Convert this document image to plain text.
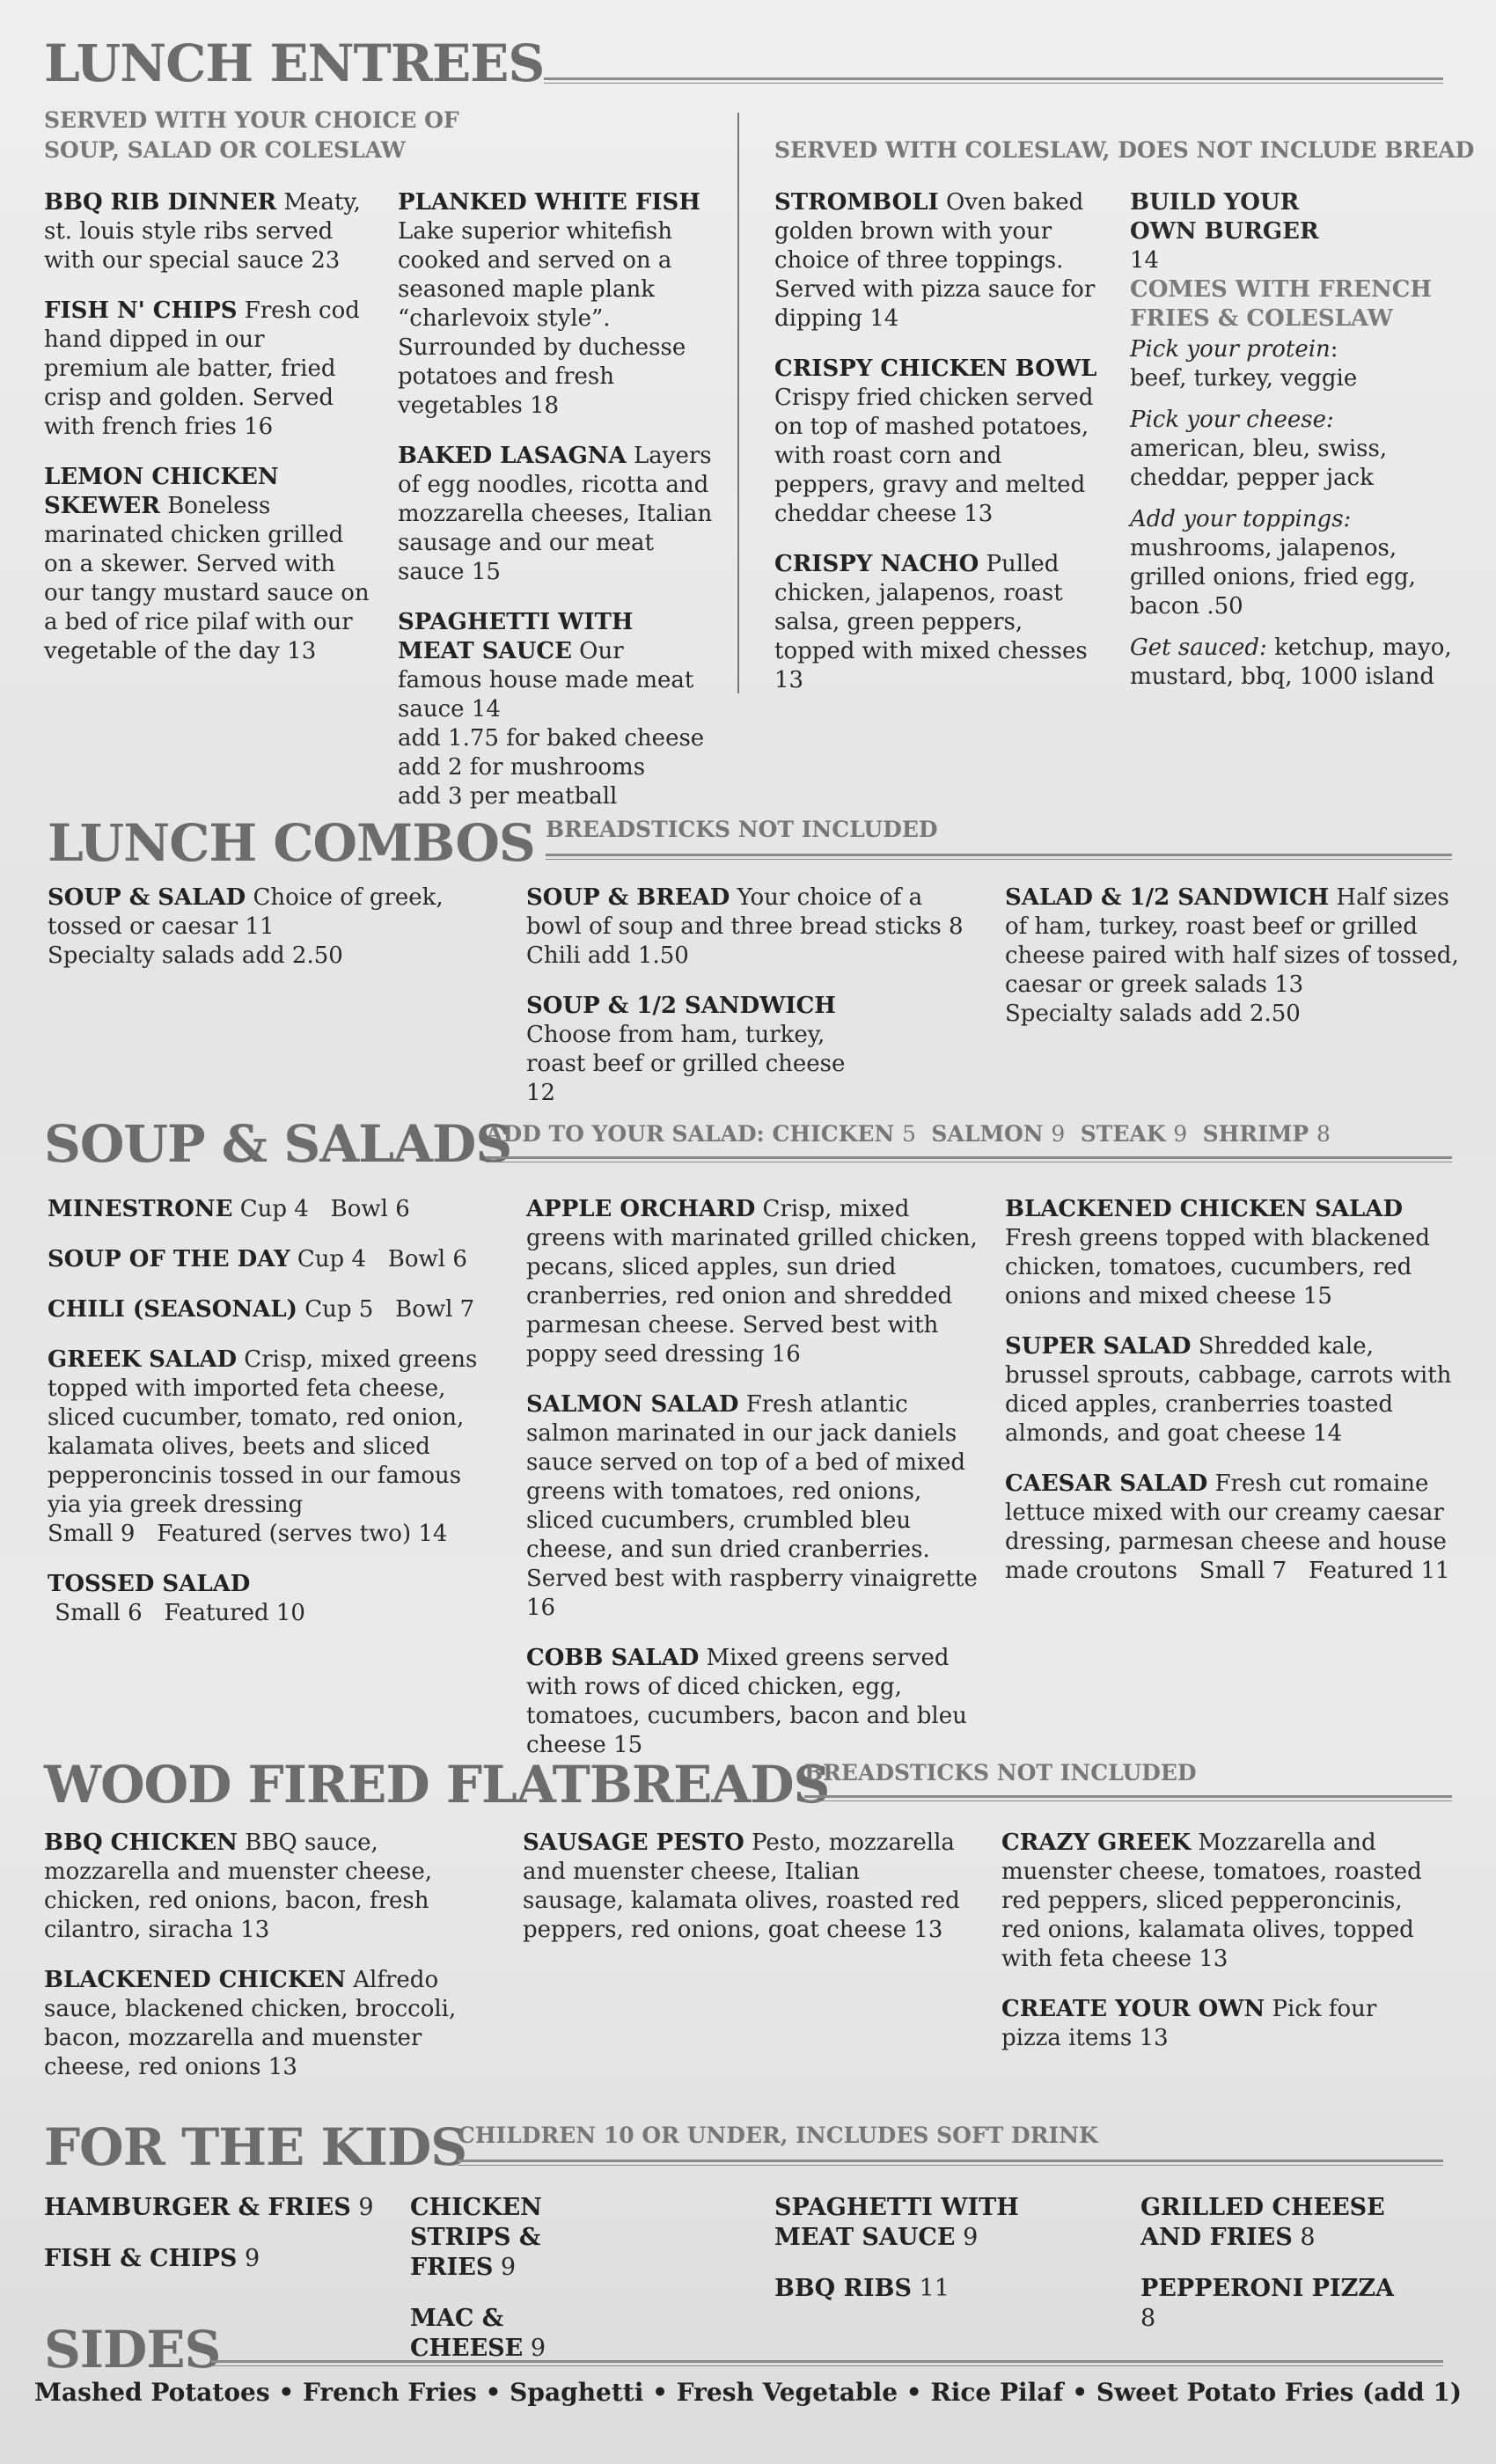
LUNCH ENTREES
SERVED WITH YOUR CHOICE OF
SOUP, SALAD OR COLESLAW	SERVED WITH COLESLAW, DOES NOT INCLUDE BREAD
BBQ RIB DINNER Meaty, st. louis style ribs served with our special sauce 23
FISH N' CHIPS Fresh cod hand dipped in our premium ale batter, fried crisp and golden. Served with french fries 16
LEMON CHICKEN SKEWER Boneless marinated chicken grilled on a skewer. Served with our tangy mustard sauce on a bed of rice pilaf with our vegetable of the day 13
PLANKED WHITE FISH Lake superior whitefish cooked and served on a seasoned maple plank “charlevoix style”. Surrounded by duchesse potatoes and fresh vegetables 18
BAKED LASAGNA Layers of egg noodles, ricotta and mozzarella cheeses, Italian sausage and our meat sauce 15
SPAGHETTI WITH MEAT SAUCE Our famous house made meat sauce 14
add 1.75 for baked cheese
add 2 for mushrooms
add 3 per meatball
STROMBOLI Oven baked golden brown with your choice of three toppings. Served with pizza sauce for dipping 14
CRISPY CHICKEN BOWL Crispy fried chicken served on top of mashed potatoes, with roast corn and peppers, gravy and melted cheddar cheese 13
CRISPY NACHO Pulled chicken, jalapenos, roast salsa, green peppers, topped with mixed chesses 13
BUILD YOUR OWN BURGER 14
COMES WITH FRENCH FRIES & COLESLAW
Pick your protein:
beef, turkey, veggie
Pick your cheese:
american, bleu, swiss, cheddar, pepper jack
Add your toppings:
mushrooms, jalapenos, grilled onions, fried egg, bacon .50
Get sauced: ketchup, mayo, mustard, bbq, 1000 island
LUNCH COMBOS BREADSTICKS NOT INCLUDED
SOUP & SALAD Choice of greek, tossed or caesar 11
Specialty salads add 2.50
SOUP & BREAD Your choice of a bowl of soup and three bread sticks 8
Chili add 1.50
SOUP & 1/2 SANDWICH
Choose from ham, turkey, roast beef or grilled cheese 12
SALAD & 1/2 SANDWICH Half sizes of ham, turkey, roast beef or grilled cheese paired with half sizes of tossed, caesar or greek salads 13
Specialty salads add 2.50
SOUP & SALADS
ADD TO YOUR SALAD: CHICKEN 5 SALMON 9 STEAK 9 SHRIMP 8
MINESTRONE Cup 4   Bowl 6
SOUP OF THE DAY Cup 4   Bowl 6
CHILI (SEASONAL) Cup 5   Bowl 7
GREEK SALAD Crisp, mixed greens topped with imported feta cheese, sliced cucumber, tomato, red onion, kalamata olives, beets and sliced pepperoncinis tossed in our famous yia yia greek dressing
Small 9   Featured (serves two) 14
TOSSED SALAD Small 6   Featured 10
APPLE ORCHARD Crisp, mixed greens with marinated grilled chicken, pecans, sliced apples, sun dried cranberries, red onion and shredded parmesan cheese. Served best with poppy seed dressing 16
SALMON SALAD Fresh atlantic salmon marinated in our jack daniels sauce served on top of a bed of mixed greens with tomatoes, red onions, sliced cucumbers, crumbled bleu cheese, and sun dried cranberries. Served best with raspberry vinaigrette 16
COBB SALAD Mixed greens served with rows of diced chicken, egg, tomatoes, cucumbers, bacon and bleu cheese 15
BLACKENED CHICKEN SALAD Fresh greens topped with blackened chicken, tomatoes, cucumbers, red onions and mixed cheese 15
SUPER SALAD Shredded kale, brussel sprouts, cabbage, carrots with diced apples, cranberries toasted almonds, and goat cheese 14
CAESAR SALAD Fresh cut romaine lettuce mixed with our creamy caesar dressing, parmesan cheese and house made croutons   Small 7   Featured 11
WOOD FIRED FLATBREADS
BREADSTICKS NOT INCLUDED
BBQ CHICKEN BBQ sauce, mozzarella and muenster cheese, chicken, red onions, bacon, fresh cilantro, siracha 13
BLACKENED CHICKEN Alfredo sauce, blackened chicken, broccoli, bacon, mozzarella and muenster cheese, red onions 13
SAUSAGE PESTO Pesto, mozzarella and muenster cheese, Italian sausage, kalamata olives, roasted red peppers, red onions, goat cheese 13
CRAZY GREEK Mozzarella and muenster cheese, tomatoes, roasted red peppers, sliced pepperoncinis, red onions, kalamata olives, topped with feta cheese 13
CREATE YOUR OWN Pick four pizza items 13
FOR THE KIDS
CHILDREN 10 OR UNDER, INCLUDES SOFT DRINK
HAMBURGER & FRIES 9
FISH & CHIPS 9
CHICKEN STRIPS & FRIES 9
MAC & CHEESE 9
SPAGHETTI WITH MEAT SAUCE 9
BBQ RIBS 11
GRILLED CHEESE AND FRIES 8
PEPPERONI PIZZA 8
SIDES
Mashed Potatoes • French Fries • Spaghetti • Fresh Vegetable • Rice Pilaf • Sweet Potato Fries (add 1)
